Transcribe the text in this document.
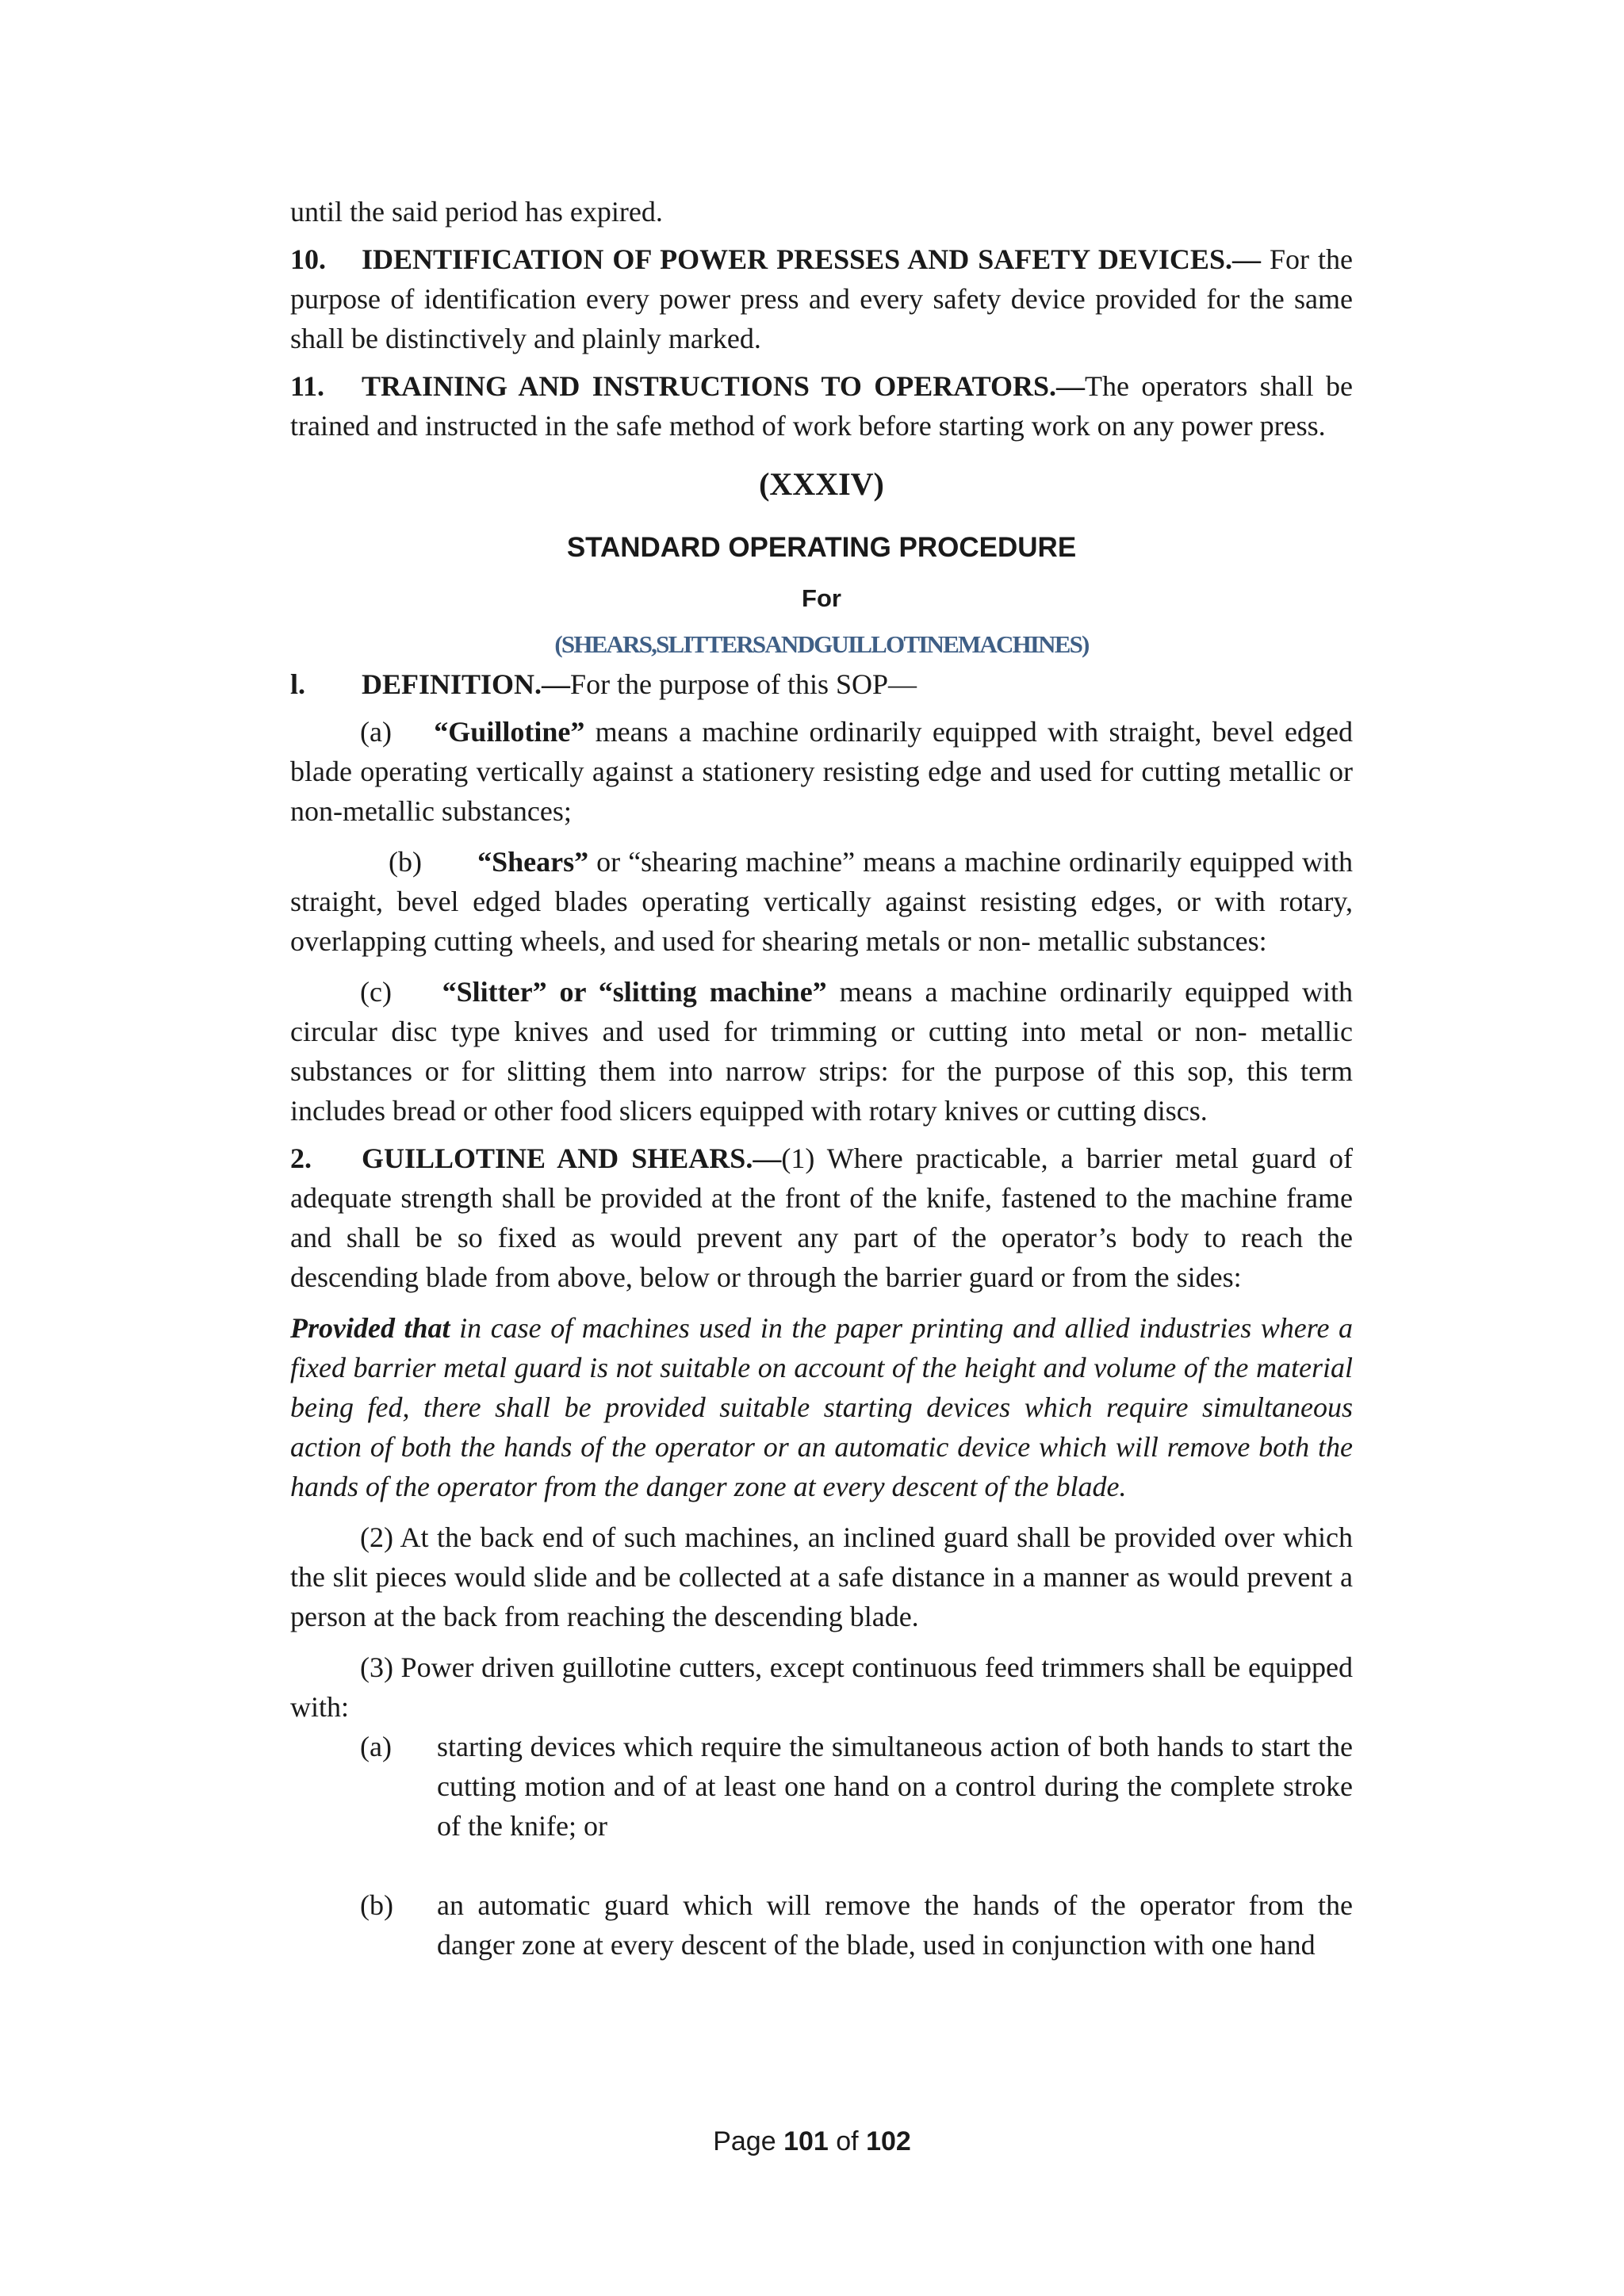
until the said period has expired.

10. IDENTIFICATION OF POWER PRESSES AND SAFETY DEVICES.— For the purpose of identification every power press and every safety device provided for the same shall be distinctively and plainly marked.

11. TRAINING AND INSTRUCTIONS TO OPERATORS.—The operators shall be trained and instructed in the safe method of work before starting work on any power press.

(XXXIV)

STANDARD OPERATING PROCEDURE

For

(SHEARS,SLITTERSANDGUILLOTINEMACHINES)

l. DEFINITION.—For the purpose of this SOP—

(a) “Guillotine” means a machine ordinarily equipped with straight, bevel edged blade operating vertically against a stationery resisting edge and used for cutting metallic or non-metallic substances;

(b) “Shears” or “shearing machine” means a machine ordinarily equipped with straight, bevel edged blades operating vertically against resisting edges, or with rotary, overlapping cutting wheels, and used for shearing metals or non- metallic substances:

(c) “Slitter” or “slitting machine” means a machine ordinarily equipped with circular disc type knives and used for trimming or cutting into metal or non- metallic substances or for slitting them into narrow strips: for the purpose of this sop, this term includes bread or other food slicers equipped with rotary knives or cutting discs.

2. GUILLOTINE AND SHEARS.—(1) Where practicable, a barrier metal guard of adequate strength shall be provided at the front of the knife, fastened to the machine frame and shall be so fixed as would prevent any part of the operator’s body to reach the descending blade from above, below or through the barrier guard or from the sides:

Provided that in case of machines used in the paper printing and allied industries where a fixed barrier metal guard is not suitable on account of the height and volume of the material being fed, there shall be provided suitable starting devices which require simultaneous action of both the hands of the operator or an automatic device which will remove both the hands of the operator from the danger zone at every descent of the blade.

(2) At the back end of such machines, an inclined guard shall be provided over which the slit pieces would slide and be collected at a safe distance in a manner as would prevent a person at the back from reaching the descending blade.

(3) Power driven guillotine cutters, except continuous feed trimmers shall be equipped with:

(a) starting devices which require the simultaneous action of both hands to start the cutting motion and of at least one hand on a control during the complete stroke of the knife; or
(b) an automatic guard which will remove the hands of the operator from the danger zone at every descent of the blade, used in conjunction with one hand
Page 101 of 102
